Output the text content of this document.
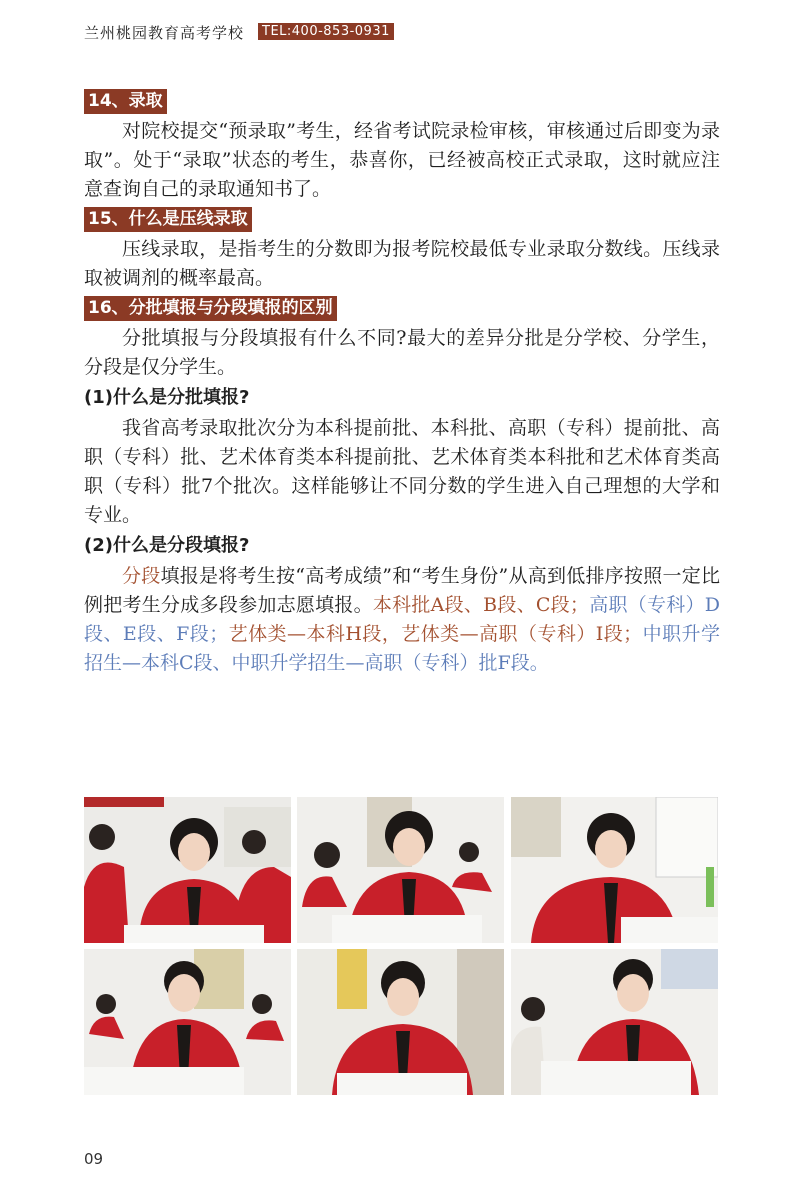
兰州桃园教育高考学校	TEL:400-853-0931
14、录取

对院校提交“预录取”考生，经省考试院录检审核，审核通过后即变为录取”。处于“录取”状态的考生，恭喜你，已经被高校正式录取，这时就应注意查询自己的录取通知书了。

15、什么是压线录取

压线录取，是指考生的分数即为报考院校最低专业录取分数线。压线录取被调剂的概率最高。

16、分批填报与分段填报的区别

分批填报与分段填报有什么不同?最大的差异分批是分学校、分学生，分段是仅分学生。

(1)什么是分批填报?

我省高考录取批次分为本科提前批、本科批、高职（专科）提前批、高职（专科）批、艺术体育类本科提前批、艺术体育类本科批和艺术体育类高职（专科）批7个批次。这样能够让不同分数的学生进入自己理想的大学和专业。

(2)什么是分段填报?

分段填报是将考生按“高考成绩”和“考生身份”从高到低排序按照一定比例把考生分成多段参加志愿填报。本科批A段、B段、C段；高职（专科）D段、E段、F段；艺体类—本科H段，艺体类—高职（专科）I段；中职升学招生—本科C段、中职升学招生—高职（专科）批F段。

09
